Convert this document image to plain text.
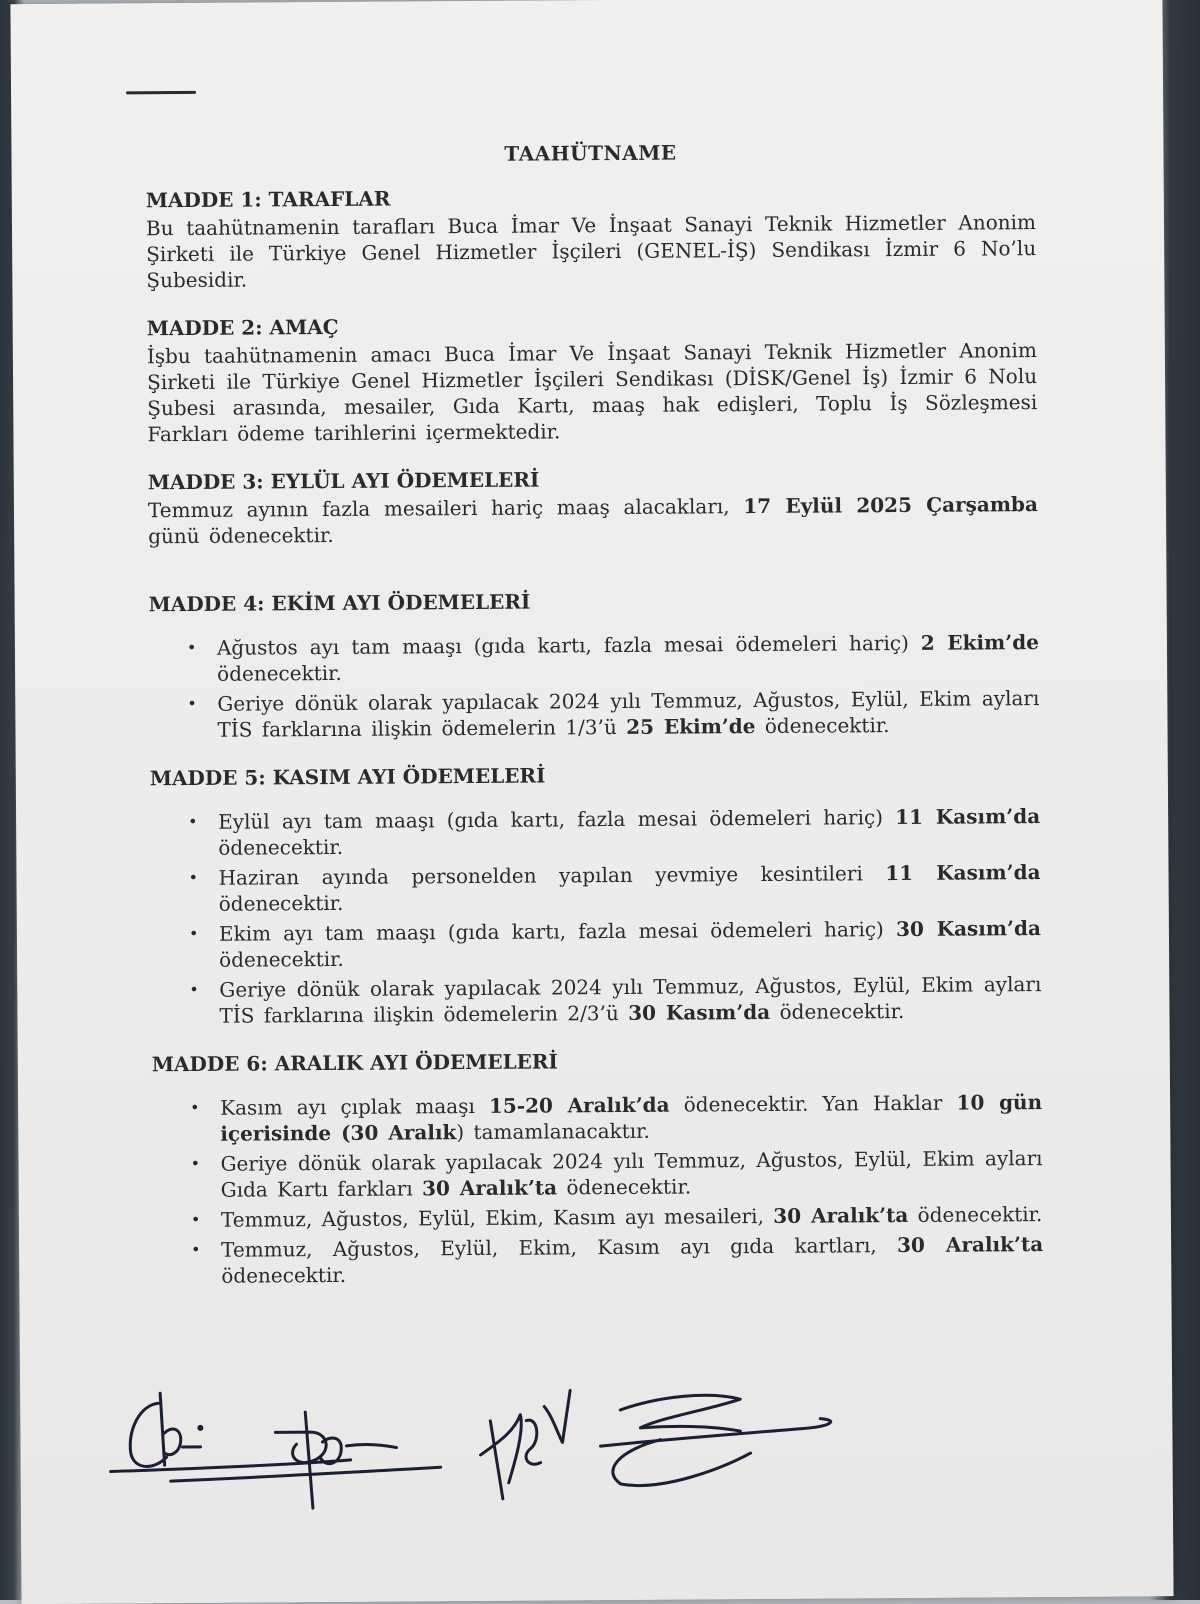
TAAHÜTNAME
MADDE 1: TARAFLAR
Bu taahütnamenin tarafları Buca İmar Ve İnşaat Sanayi Teknik Hizmetler Anonim Şirketi ile Türkiye Genel Hizmetler İşçileri (GENEL-İŞ) Sendikası İzmir 6 No’lu Şubesidir.
MADDE 2: AMAÇ
İşbu taahütnamenin amacı Buca İmar Ve İnşaat Sanayi Teknik Hizmetler Anonim Şirketi ile Türkiye Genel Hizmetler İşçileri Sendikası (DİSK/Genel İş) İzmir 6 Nolu Şubesi arasında, mesailer, Gıda Kartı, maaş hak edişleri, Toplu İş Sözleşmesi Farkları ödeme tarihlerini içermektedir.
MADDE 3: EYLÜL AYI ÖDEMELERİ
Temmuz ayının fazla mesaileri hariç maaş alacakları, 17 Eylül 2025 Çarşamba günü ödenecektir.
MADDE 4: EKİM AYI ÖDEMELERİ
• Ağustos ayı tam maaşı (gıda kartı, fazla mesai ödemeleri hariç) 2 Ekim’de ödenecektir.
• Geriye dönük olarak yapılacak 2024 yılı Temmuz, Ağustos, Eylül, Ekim ayları TİS farklarına ilişkin ödemelerin 1/3’ü 25 Ekim’de ödenecektir.
MADDE 5: KASIM AYI ÖDEMELERİ
• Eylül ayı tam maaşı (gıda kartı, fazla mesai ödemeleri hariç) 11 Kasım’da ödenecektir.
• Haziran ayında personelden yapılan yevmiye kesintileri 11 Kasım’da ödenecektir.
• Ekim ayı tam maaşı (gıda kartı, fazla mesai ödemeleri hariç) 30 Kasım’da ödenecektir.
• Geriye dönük olarak yapılacak 2024 yılı Temmuz, Ağustos, Eylül, Ekim ayları TİS farklarına ilişkin ödemelerin 2/3’ü 30 Kasım’da ödenecektir.
MADDE 6: ARALIK AYI ÖDEMELERİ
• Kasım ayı çıplak maaşı 15-20 Aralık’da ödenecektir. Yan Haklar 10 gün içerisinde (30 Aralık) tamamlanacaktır.
• Geriye dönük olarak yapılacak 2024 yılı Temmuz, Ağustos, Eylül, Ekim ayları Gıda Kartı farkları 30 Aralık’ta ödenecektir.
• Temmuz, Ağustos, Eylül, Ekim, Kasım ayı mesaileri, 30 Aralık’ta ödenecektir.
• Temmuz, Ağustos, Eylül, Ekim, Kasım ayı gıda kartları, 30 Aralık’ta ödenecektir.
